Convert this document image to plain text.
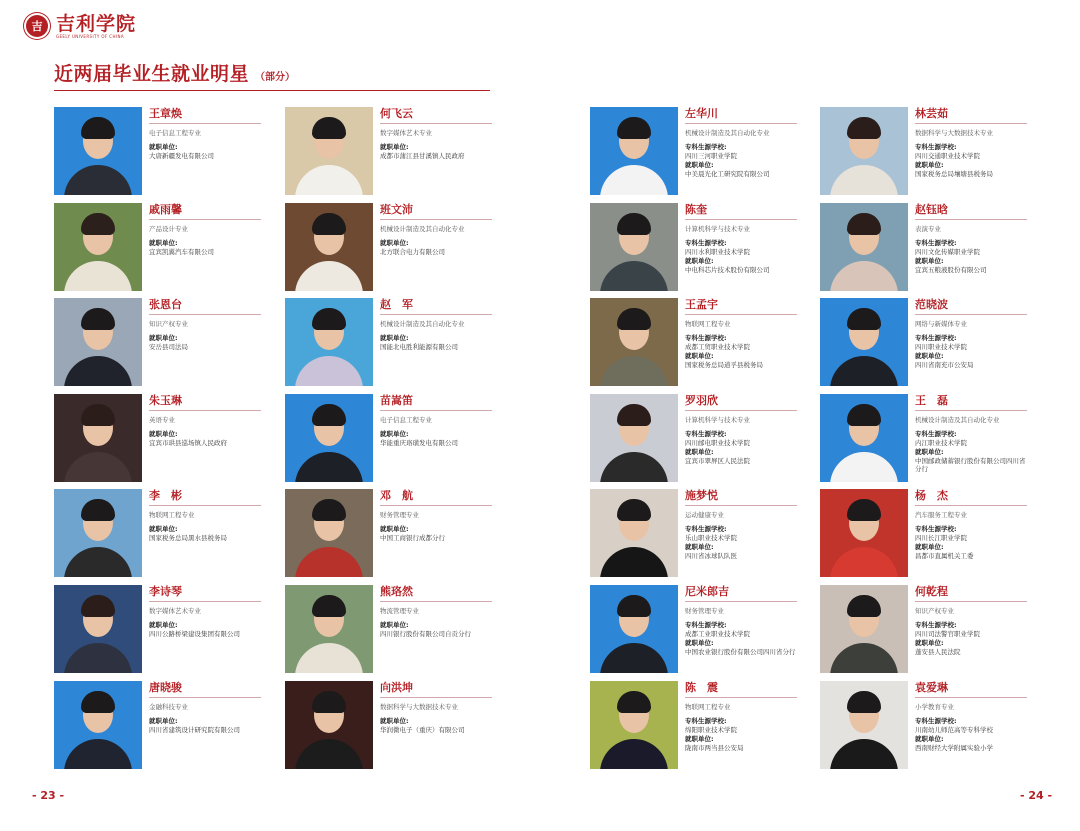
吉 吉利学院
GEELY UNIVERSITY OF CHINA
近两届毕业生就业明星 （部分）
王章焕
电子信息工程专业
就职单位:
大唐新疆发电有限公司
何飞云
数字媒体艺术专业
就职单位:
成都市蒲江县甘溪镇人民政府
戚雨馨
产品设计专业
就职单位:
宜宾凯翼汽车有限公司
班文沛
机械设计制造及其自动化专业
就职单位:
北方联合电力有限公司
张恩台
知识产权专业
就职单位:
安岳县司法局
赵　军
机械设计制造及其自动化专业
就职单位:
国能北电胜利能源有限公司
朱玉琳
英语专业
就职单位:
宜宾市珙县巡场镇人民政府
苗嵩笛
电子信息工程专业
就职单位:
华能重庆珞璜发电有限公司
李　彬
物联网工程专业
就职单位:
国家税务总局黑水县税务局
邓　航
财务管理专业
就职单位:
中国工商银行成都分行
李诗琴
数字媒体艺术专业
就职单位:
四川公路桥梁建设集团有限公司
熊珞然
物流管理专业
就职单位:
四川银行股份有限公司自贡分行
唐晓骏
金融科技专业
就职单位:
四川省建筑设计研究院有限公司
向洪坤
数据科学与大数据技术专业
就职单位:
华润微电子（重庆）有限公司
左华川
机械设计制造及其自动化专业
专科生源学校:
四川三河职业学院
就职单位:
中美晨光化工研究院有限公司
林芸茹
数据科学与大数据技术专业
专科生源学校:
四川交通职业技术学院
就职单位:
国家税务总局壤塘县税务局
陈奎
计算机科学与技术专业
专科生源学校:
四川水利职业技术学院
就职单位:
中电科芯片技术股份有限公司
赵钰晗
表演专业
专科生源学校:
四川文化传媒职业学院
就职单位:
宜宾五粮液股份有限公司
王孟宇
物联网工程专业
专科生源学校:
成都工贸职业技术学院
就职单位:
国家税务总局道孚县税务局
范晓波
网络与新媒体专业
专科生源学校:
四川职业技术学院
就职单位:
四川省南充市公安局
罗羽欣
计算机科学与技术专业
专科生源学校:
四川邮电职业技术学院
就职单位:
宜宾市翠屏区人民法院
王　磊
机械设计制造及其自动化专业
专科生源学校:
内江职业技术学院
就职单位:
中国邮政储蓄银行股份有限公司四川省分行
施梦悦
运动健康专业
专科生源学校:
乐山职业技术学院
就职单位:
四川省冰球队队医
杨　杰
汽车服务工程专业
专科生源学校:
四川长江职业学院
就职单位:
昌都市直属机关工委
尼米郎吉
财务管理专业
专科生源学校:
成都工业职业技术学院
就职单位:
中国农业银行股份有限公司四川省分行
何乾程
知识产权专业
专科生源学校:
四川司法警官职业学院
就职单位:
蓬安县人民法院
陈　震
物联网工程专业
专科生源学校:
绵阳职业技术学院
就职单位:
陇南市两当县公安局
袁爱琳
小学教育专业
专科生源学校:
川南幼儿师范高等专科学校
就职单位:
西南财经大学附属实验小学
- 23 -	- 24 -
